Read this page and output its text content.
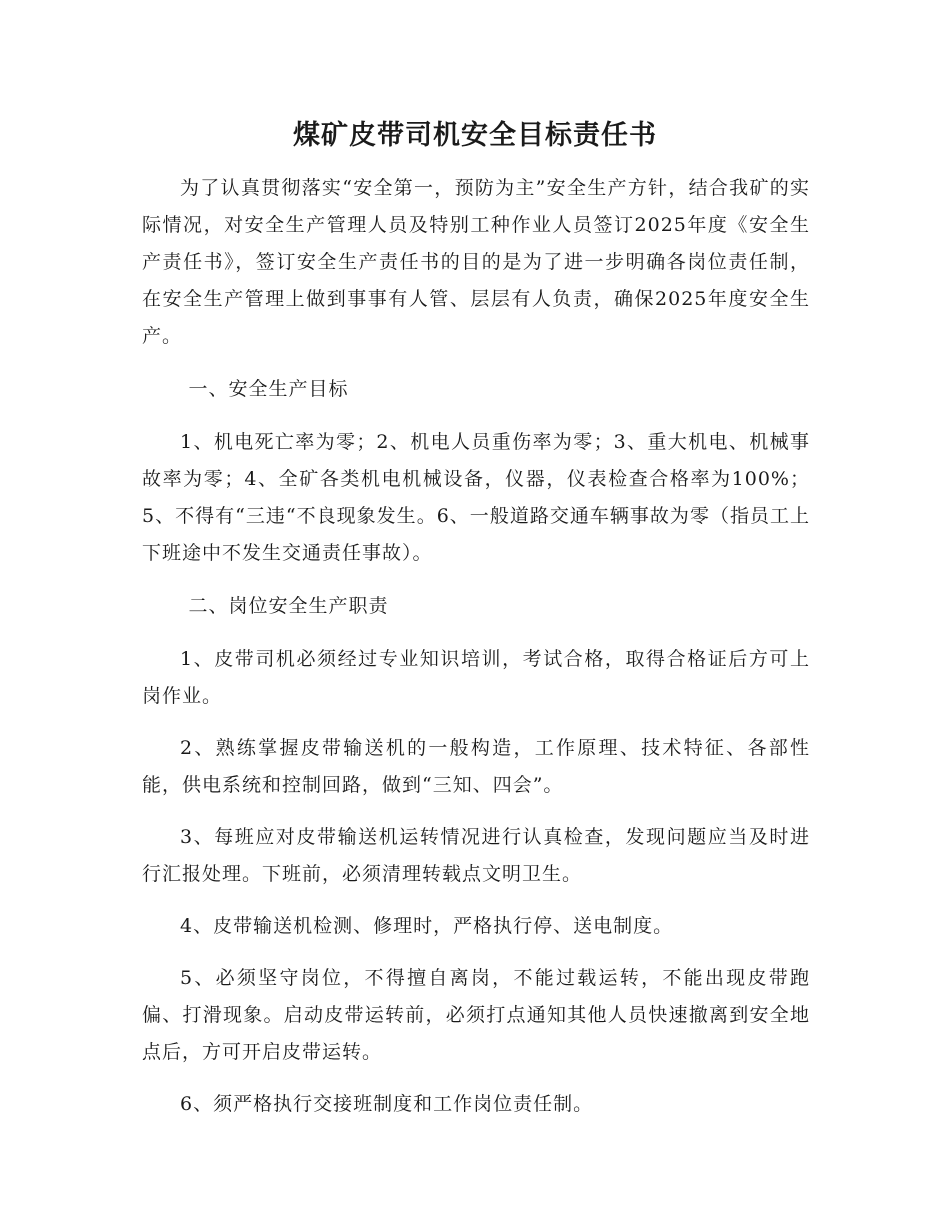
煤矿皮带司机安全目标责任书

为了认真贯彻落实“安全第一，预防为主”安全生产方针，结合我矿的实际情况，对安全生产管理人员及特别工种作业人员签订2025年度《安全生产责任书》，签订安全生产责任书的目的是为了进一步明确各岗位责任制，在安全生产管理上做到事事有人管、层层有人负责，确保2025年度安全生产。

一、安全生产目标

1、机电死亡率为零；2、机电人员重伤率为零；3、重大机电、机械事故率为零；4、全矿各类机电机械设备，仪器，仪表检查合格率为100%；5、不得有“三违“不良现象发生。6、一般道路交通车辆事故为零（指员工上下班途中不发生交通责任事故）。

二、岗位安全生产职责

1、皮带司机必须经过专业知识培训，考试合格，取得合格证后方可上岗作业。

2、熟练掌握皮带输送机的一般构造，工作原理、技术特征、各部性能，供电系统和控制回路，做到“三知、四会”。

3、每班应对皮带输送机运转情况进行认真检查，发现问题应当及时进行汇报处理。下班前，必须清理转载点文明卫生。

4、皮带输送机检测、修理时，严格执行停、送电制度。

5、必须坚守岗位，不得擅自离岗，不能过载运转，不能出现皮带跑偏、打滑现象。启动皮带运转前，必须打点通知其他人员快速撤离到安全地点后，方可开启皮带运转。

6、须严格执行交接班制度和工作岗位责任制。
